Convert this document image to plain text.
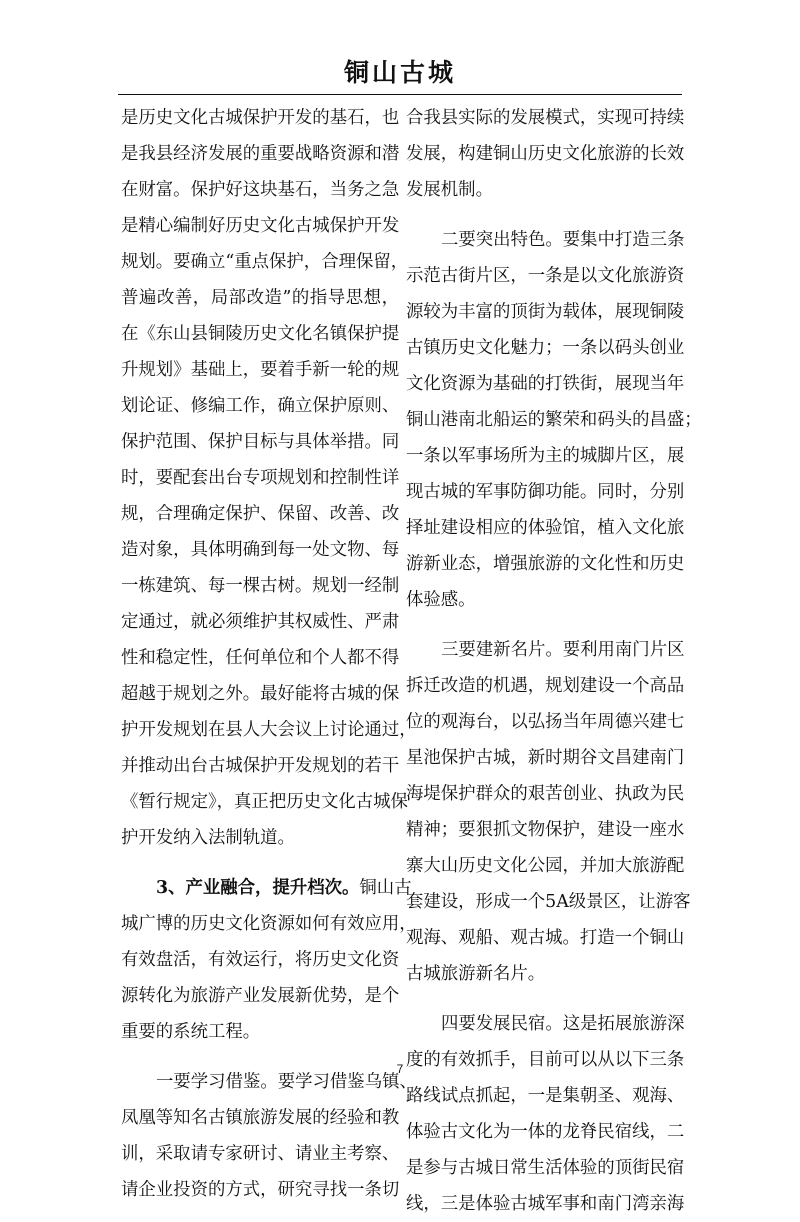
铜山古城
是历史文化古城保护开发的基石，也
是我县经济发展的重要战略资源和潜
在财富。保护好这块基石，当务之急
是精心编制好历史文化古城保护开发
规划。要确立“重点保护，合理保留，
普遍改善，局部改造”的指导思想，
在《东山县铜陵历史文化名镇保护提
升规划》基础上，要着手新一轮的规
划论证、修编工作，确立保护原则、
保护范围、保护目标与具体举措。同
时，要配套出台专项规划和控制性详
规，合理确定保护、保留、改善、改
造对象，具体明确到每一处文物、每
一栋建筑、每一棵古树。规划一经制
定通过，就必须维护其权威性、严肃
性和稳定性，任何单位和个人都不得
超越于规划之外。最好能将古城的保
护开发规划在县人大会议上讨论通过，
并推动出台古城保护开发规划的若干
《暂行规定》，真正把历史文化古城保
护开发纳入法制轨道。
3、产业融合，提升档次。铜山古
城广博的历史文化资源如何有效应用，
有效盘活，有效运行，将历史文化资
源转化为旅游产业发展新优势，是个
重要的系统工程。
一要学习借鉴。要学习借鉴乌镇、
凤凰等知名古镇旅游发展的经验和教
训，采取请专家研讨、请业主考察、
请企业投资的方式，研究寻找一条切
合我县实际的发展模式，实现可持续
发展，构建铜山历史文化旅游的长效
发展机制。
二要突出特色。要集中打造三条
示范古街片区，一条是以文化旅游资
源较为丰富的顶街为载体，展现铜陵
古镇历史文化魅力；一条以码头创业
文化资源为基础的打铁街，展现当年
铜山港南北船运的繁荣和码头的昌盛；
一条以军事场所为主的城脚片区，展
现古城的军事防御功能。同时，分别
择址建设相应的体验馆，植入文化旅
游新业态，增强旅游的文化性和历史
体验感。
三要建新名片。要利用南门片区
拆迁改造的机遇，规划建设一个高品
位的观海台，以弘扬当年周德兴建七
星池保护古城，新时期谷文昌建南门
海堤保护群众的艰苦创业、执政为民
精神；要狠抓文物保护，建设一座水
寨大山历史文化公园，并加大旅游配
套建设，形成一个5A级景区，让游客
观海、观船、观古城。打造一个铜山
古城旅游新名片。
四要发展民宿。这是拓展旅游深
度的有效抓手，目前可以从以下三条
路线试点抓起，一是集朝圣、观海、
体验古文化为一体的龙脊民宿线，二
是参与古城日常生活体验的顶街民宿
线，三是体验古城军事和南门湾亲海
7
